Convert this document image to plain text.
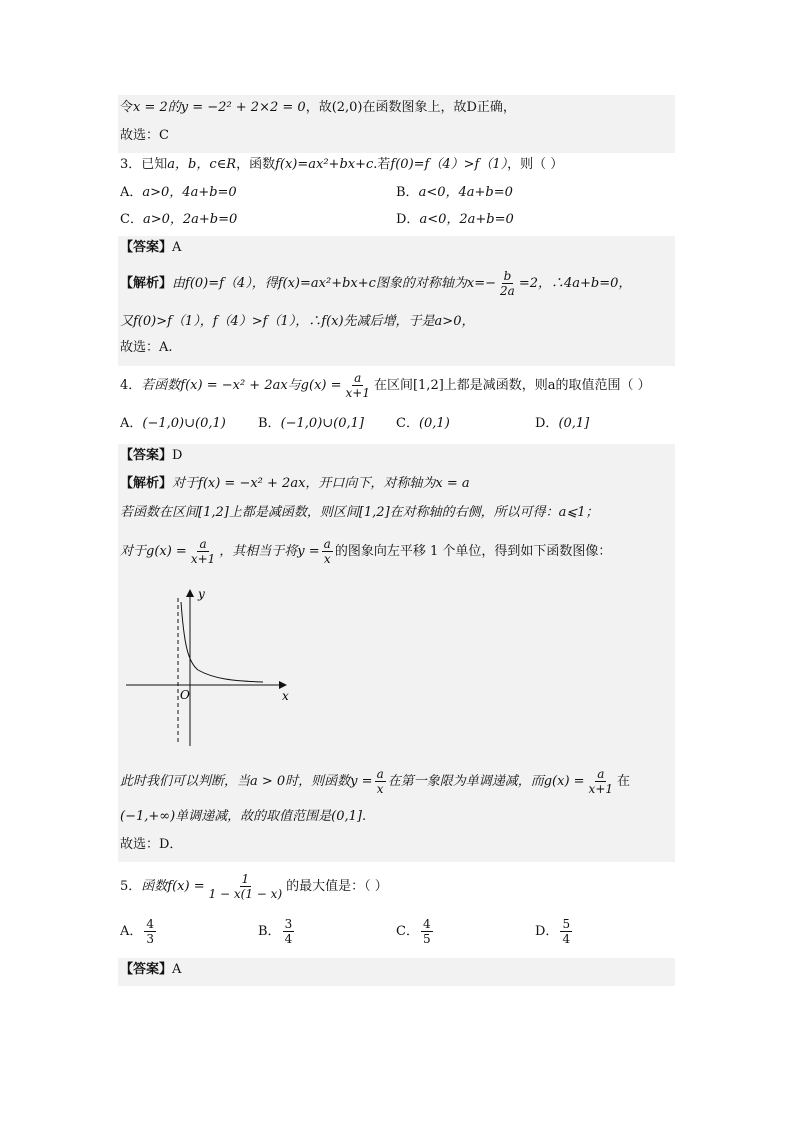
令x = 2的y = −2² + 2×2 = 0，故(2,0)在函数图象上，故D正确，
故选：C
3．已知a，b，c∈R，函数f(x)=ax²+bx+c.若f(0)=f（4）>f（1），则（ ）
A．a>0，4a+b=0	B．a<0，4a+b=0
C．a>0，2a+b=0	D．a<0，2a+b=0
【答案】A
【解析】由f(0)=f（4），得f(x)=ax²+bx+c图象的对称轴为$x=- \frac{b}{2a} =2$，∴4a+b=0，
又f(0)>f（1），f（4）>f（1），∴f(x)先减后增，于是a>0，
故选：A.
4．若函数f(x) = −x² + 2ax与$g(x) = \frac{a}{x+1}$ 在区间[1,2]上都是减函数，则a的取值范围（ ）
A．(−1,0)∪(0,1) B．(−1,0)∪(0,1] C．(0,1)	D．(0,1]
【答案】D
【解析】对于f(x) = −x² + 2ax，开口向下，对称轴为x = a
若函数在区间[1,2]上都是减函数，则区间[1,2]在对称轴的右侧，所以可得：a⩽1；
对于$g(x) = \frac{a}{x+1}$ ，其相当于将$y = \frac{a}{x}$ 的图象向左平移 1 个单位，得到如下函数图像：
y
x
O
此时我们可以判断，当a > 0时，则函数$y = \frac{a}{x}$ 在第一象限为单调递减，而$g(x) = \frac{a}{x+1}$ 在
(−1,+∞)单调递减，故的取值范围是(0,1].
故选：D．
5．函数$f(x) = \frac{1}{1 - x(1 - x)}$ 的最大值是：（ ）
A． $\frac{4}{3}$	B． $\frac{3}{4}$	C． $\frac{4}{5}$	D． $\frac{5}{4}$
【答案】A
